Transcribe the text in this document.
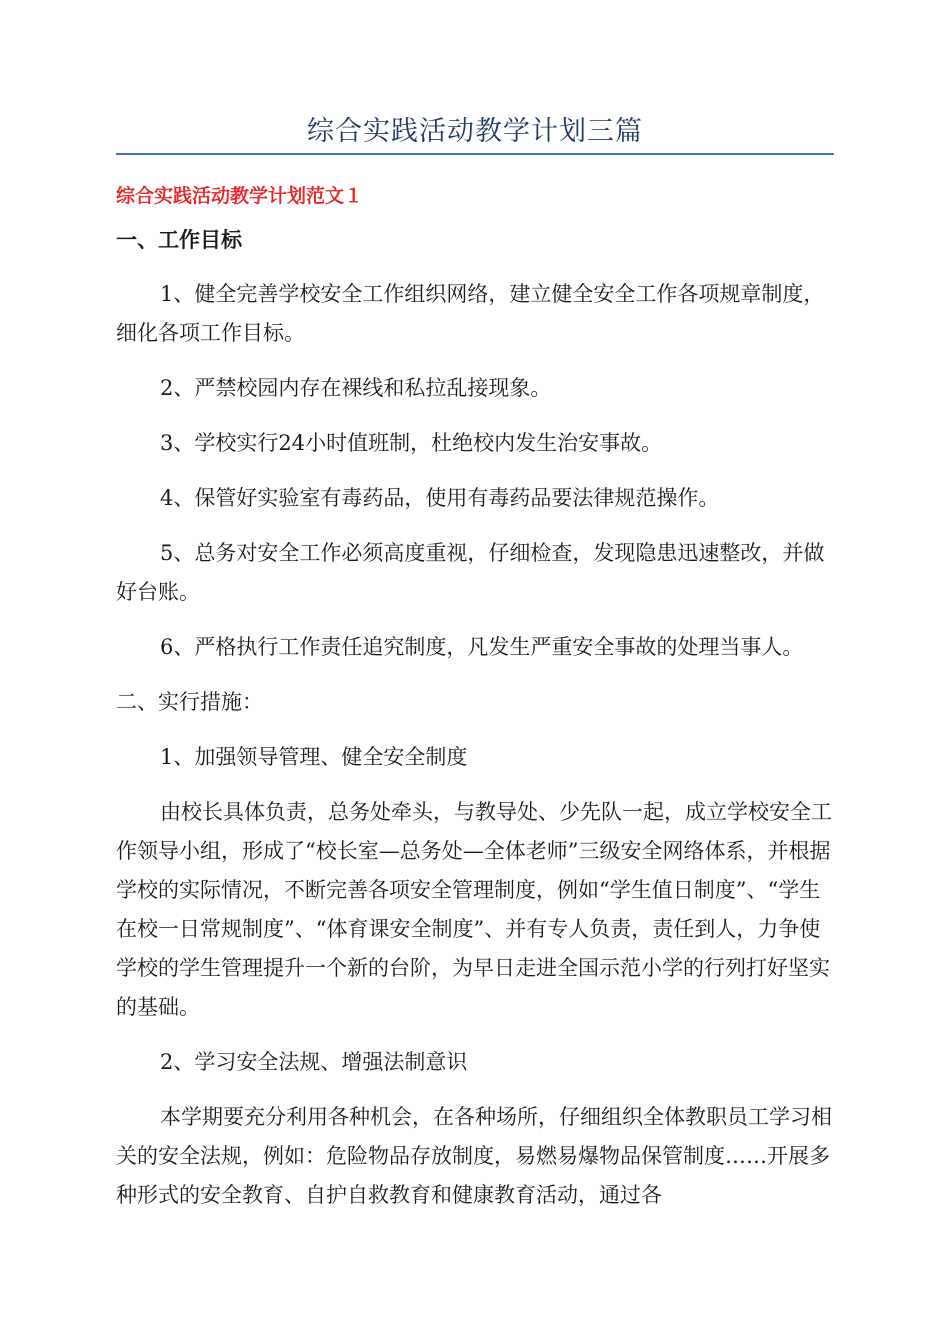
综合实践活动教学计划三篇
综合实践活动教学计划范文１

一、工作目标

1、健全完善学校安全工作组织网络，建立健全安全工作各项规章制度，细化各项工作目标。

2、严禁校园内存在裸线和私拉乱接现象。

3、学校实行24小时值班制，杜绝校内发生治安事故。

4、保管好实验室有毒药品，使用有毒药品要法律规范操作。

5、总务对安全工作必须高度重视，仔细检查，发现隐患迅速整改，并做好台账。

6、严格执行工作责任追究制度，凡发生严重安全事故的处理当事人。

二、实行措施：

1、加强领导管理、健全安全制度

由校长具体负责，总务处牵头，与教导处、少先队一起，成立学校安全工作领导小组，形成了“校长室—总务处—全体老师”三级安全网络体系，并根据学校的实际情况，不断完善各项安全管理制度，例如“学生值日制度”、“学生在校一日常规制度”、“体育课安全制度”、并有专人负责，责任到人，力争使学校的学生管理提升一个新的台阶，为早日走进全国示范小学的行列打好坚实的基础。

2、学习安全法规、增强法制意识

本学期要充分利用各种机会，在各种场所，仔细组织全体教职员工学习相关的安全法规，例如：危险物品存放制度，易燃易爆物品保管制度……开展多种形式的安全教育、自护自救教育和健康教育活动，通过各
